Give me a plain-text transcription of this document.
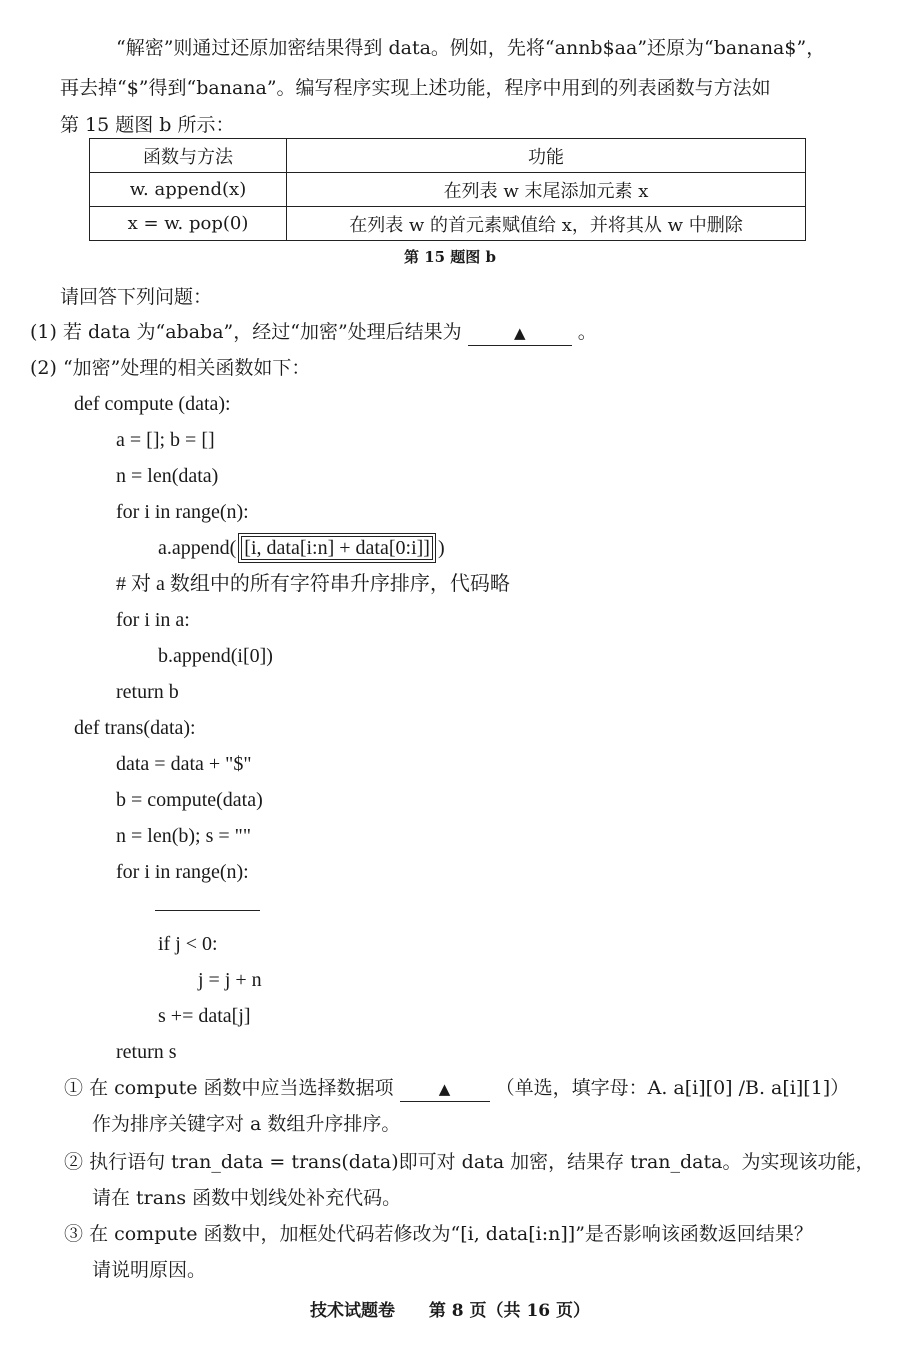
“解密”则通过还原加密结果得到 data。例如，先将“annb$aa”还原为“banana$”，
再去掉“$”得到“banana”。编写程序实现上述功能，程序中用到的列表函数与方法如
第 15 题图 b 所示：
函数与方法	功能
w. append(x)	在列表 w 末尾添加元素 x
x = w. pop(0)	在列表 w 的首元素赋值给 x，并将其从 w 中删除
第 15 题图 b
请回答下列问题：
(1) 若 data 为“ababa”，经过“加密”处理后结果为	▲	。
(2) “加密”处理的相关函数如下：
def compute (data):
a = []; b = []
n = len(data)
for i in range(n):
a.append( [i, data[i:n] + data[0:i]] )
# 对 a 数组中的所有字符串升序排序，代码略
for i in a:
b.append(i[0])
return b
def trans(data):
data = data + "$"
b = compute(data)
n = len(b); s = ""
for i in range(n):
if j < 0:
j = j + n
s += data[j]
return s
① 在 compute 函数中应当选择数据项	▲ （单选，填字母：A. a[i][0] /B. a[i][1]）
作为排序关键字对 a 数组升序排序。
② 执行语句 tran_data = trans(data)即可对 data 加密，结果存 tran_data。为实现该功能，
请在 trans 函数中划线处补充代码。
③ 在 compute 函数中，加框处代码若修改为“[i, data[i:n]]”是否影响该函数返回结果？
请说明原因。
技术试题卷 第 8 页（共 16 页）
